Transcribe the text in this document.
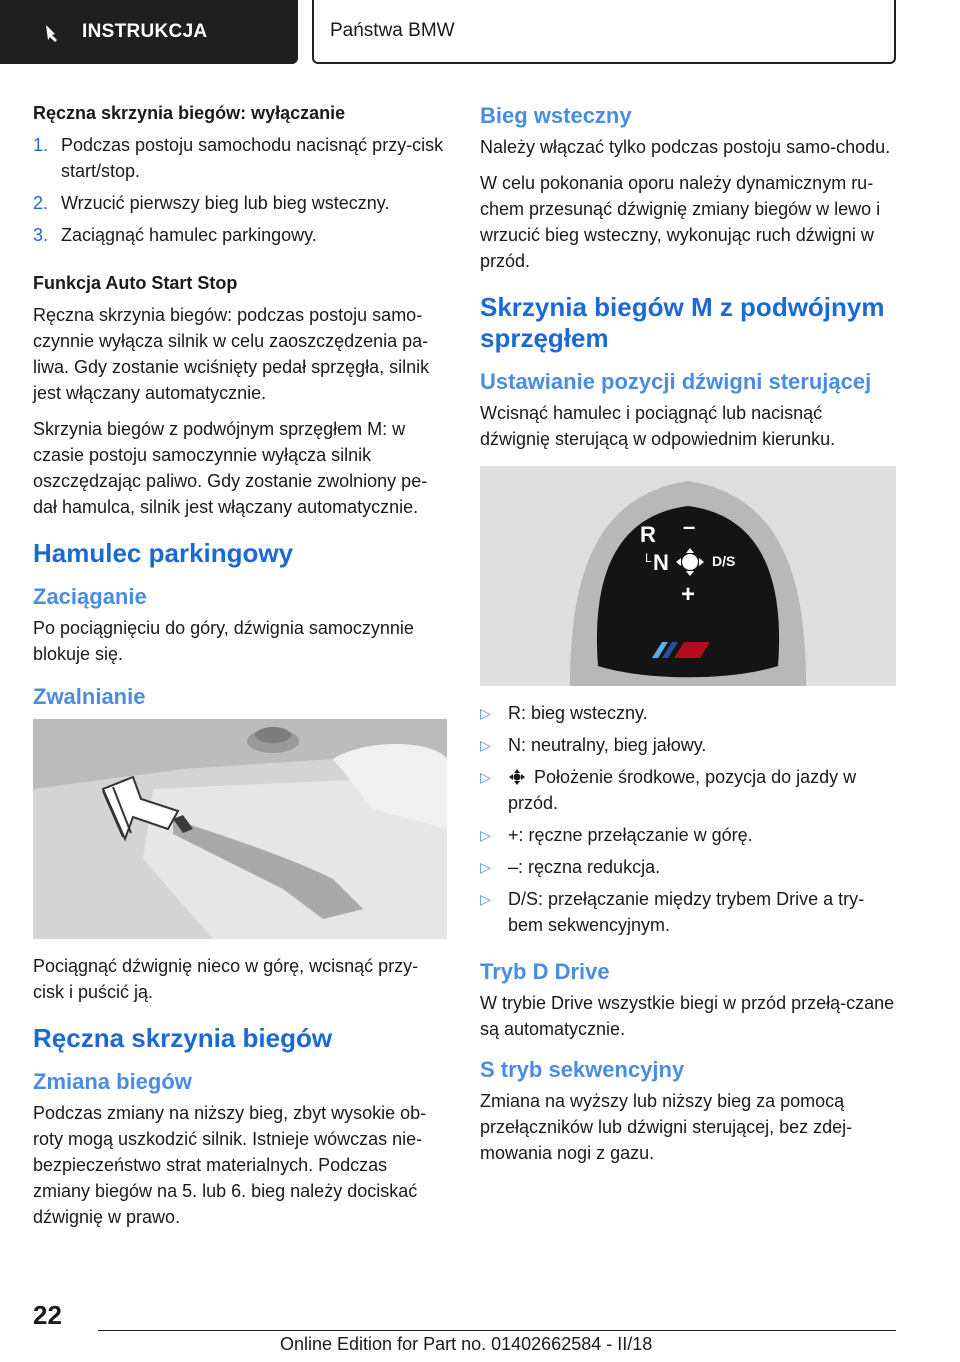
INSTRUKCJA	Państwa BMW
Ręczna skrzynia biegów: wyłączanie
1. Podczas postoju samochodu nacisnąć przy-cisk start/stop.
2. Wrzucić pierwszy bieg lub bieg wsteczny.
3. Zaciągnąć hamulec parkingowy.
Funkcja Auto Start Stop

Ręczna skrzynia biegów: podczas postoju samo-czynnie wyłącza silnik w celu zaoszczędzenia pa-liwa. Gdy zostanie wciśnięty pedał sprzęgła, silnik jest włączany automatycznie.

Skrzynia biegów z podwójnym sprzęgłem M: w czasie postoju samoczynnie wyłącza silnik oszczędzając paliwo. Gdy zostanie zwolniony pe-dał hamulca, silnik jest włączany automatycznie.

Hamulec parkingowy
Zaciąganie

Po pociągnięciu do góry, dźwignia samoczynnie blokuje się.

Zwalnianie

Pociągnąć dźwignię nieco w górę, wcisnąć przy-cisk i puścić ją.

Ręczna skrzynia biegów
Zmiana biegów

Podczas zmiany na niższy bieg, zbyt wysokie ob-roty mogą uszkodzić silnik. Istnieje wówczas nie-bezpieczeństwo strat materialnych. Podczas zmiany biegów na 5. lub 6. bieg należy dociskać dźwignię w prawo.

Bieg wsteczny

Należy włączać tylko podczas postoju samo-chodu.

W celu pokonania oporu należy dynamicznym ru-chem przesunąć dźwignię zmiany biegów w lewo i wrzucić bieg wsteczny, wykonując ruch dźwigni w przód.

Skrzynia biegów M z podwójnym sprzęgłem
Ustawianie pozycji dźwigni sterującej

Wcisnąć hamulec i pociągnąć lub nacisnąć dźwignię sterującą w odpowiednim kierunku.

R –
L N	D/S
+
▷ R: bieg wsteczny.
▷ N: neutralny, bieg jałowy.
▷	Położenie środkowe, pozycja do jazdy w przód.
▷ +: ręczne przełączanie w górę.
▷ –: ręczna redukcja.
▷ D/S: przełączanie między trybem Drive a try-bem sekwencyjnym.
Tryb D Drive

W trybie Drive wszystkie biegi w przód przełą-czane są automatycznie.

S tryb sekwencyjny

Zmiana na wyższy lub niższy bieg za pomocą przełączników lub dźwigni sterującej, bez zdej-mowania nogi z gazu.

22
Online Edition for Part no. 01402662584 - II/18
